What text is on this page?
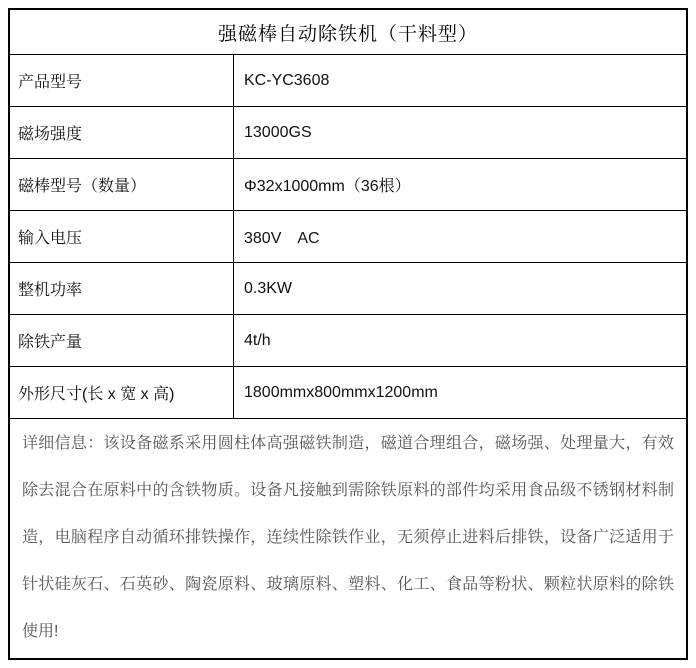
强磁棒自动除铁机（干料型）
产品型号	KC-YC3608
磁场强度	13000GS
磁棒型号（数量）	Φ32x1000mm（36根）
输入电压	380V　AC
整机功率	0.3KW
除铁产量	4t/h
外形尺寸(长 x 宽 x 高)	1800mmx800mmx1200mm
详细信息：该设备磁系采用圆柱体高强磁铁制造，磁道合理组合，磁场强、处理量大，有效除去混合在原料中的含铁物质。设备凡接触到需除铁原料的部件均采用食品级不锈钢材料制造，电脑程序自动循环排铁操作，连续性除铁作业，无须停止进料后排铁，设备广泛适用于针状硅灰石、石英砂、陶瓷原料、玻璃原料、塑料、化工、食品等粉状、颗粒状原料的除铁使用!
